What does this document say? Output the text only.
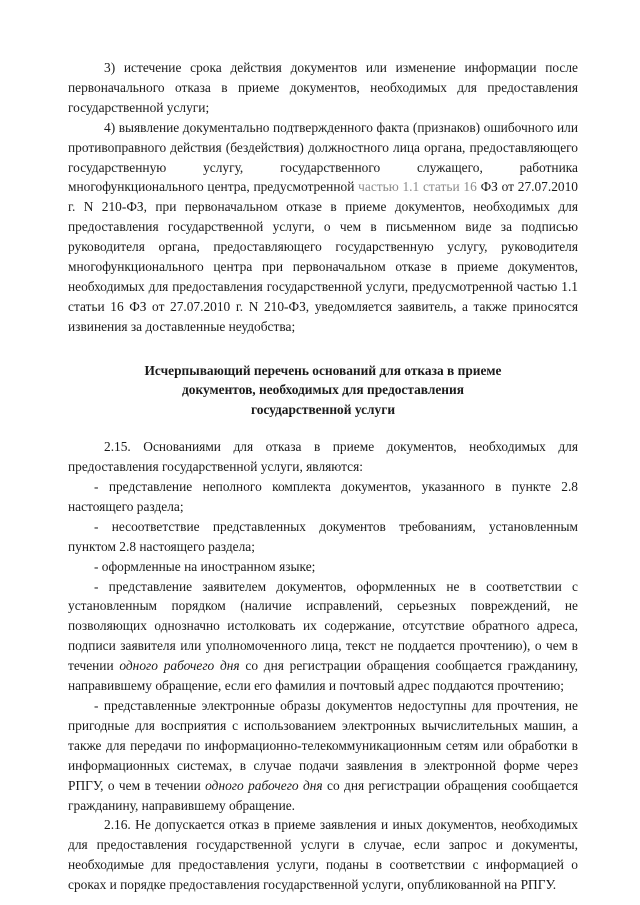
3) истечение срока действия документов или изменение информации после первоначального отказа в приеме документов, необходимых для предоставления государственной услуги;

4) выявление документально подтвержденного факта (признаков) ошибочного или противоправного действия (бездействия) должностного лица органа, предоставляющего государственную услугу, государственного служащего, работника многофункционального центра, предусмотренной частью 1.1 статьи 16 ФЗ от 27.07.2010 г. N 210-ФЗ, при первоначальном отказе в приеме документов, необходимых для предоставления государственной услуги, о чем в письменном виде за подписью руководителя органа, предоставляющего государственную услугу, руководителя многофункционального центра при первоначальном отказе в приеме документов, необходимых для предоставления государственной услуги, предусмотренной частью 1.1 статьи 16 ФЗ от 27.07.2010 г. N 210-ФЗ, уведомляется заявитель, а также приносятся извинения за доставленные неудобства;

Исчерпывающий перечень оснований для отказа в приеме
документов, необходимых для предоставления
государственной услуги

2.15. Основаниями для отказа в приеме документов, необходимых для предоставления государственной услуги, являются:

- представление неполного комплекта документов, указанного в пункте 2.8 настоящего раздела;

- несоответствие представленных документов требованиям, установленным пунктом 2.8 настоящего раздела;

- оформленные на иностранном языке;

- представление заявителем документов, оформленных не в соответствии с установленным порядком (наличие исправлений, серьезных повреждений, не позволяющих однозначно истолковать их содержание, отсутствие обратного адреса, подписи заявителя или уполномоченного лица, текст не поддается прочтению), о чем в течении одного рабочего дня со дня регистрации обращения сообщается гражданину, направившему обращение, если его фамилия и почтовый адрес поддаются прочтению;

- представленные электронные образы документов недоступны для прочтения, не пригодные для восприятия с использованием электронных вычислительных машин, а также для передачи по информационно-телекоммуникационным сетям или обработки в информационных системах, в случае подачи заявления в электронной форме через РПГУ, о чем в течении одного рабочего дня со дня регистрации обращения сообщается гражданину, направившему обращение.

2.16. Не допускается отказ в приеме заявления и иных документов, необходимых для предоставления государственной услуги в случае, если запрос и документы, необходимые для предоставления услуги, поданы в соответствии с информацией о сроках и порядке предоставления государственной услуги, опубликованной на РПГУ.
